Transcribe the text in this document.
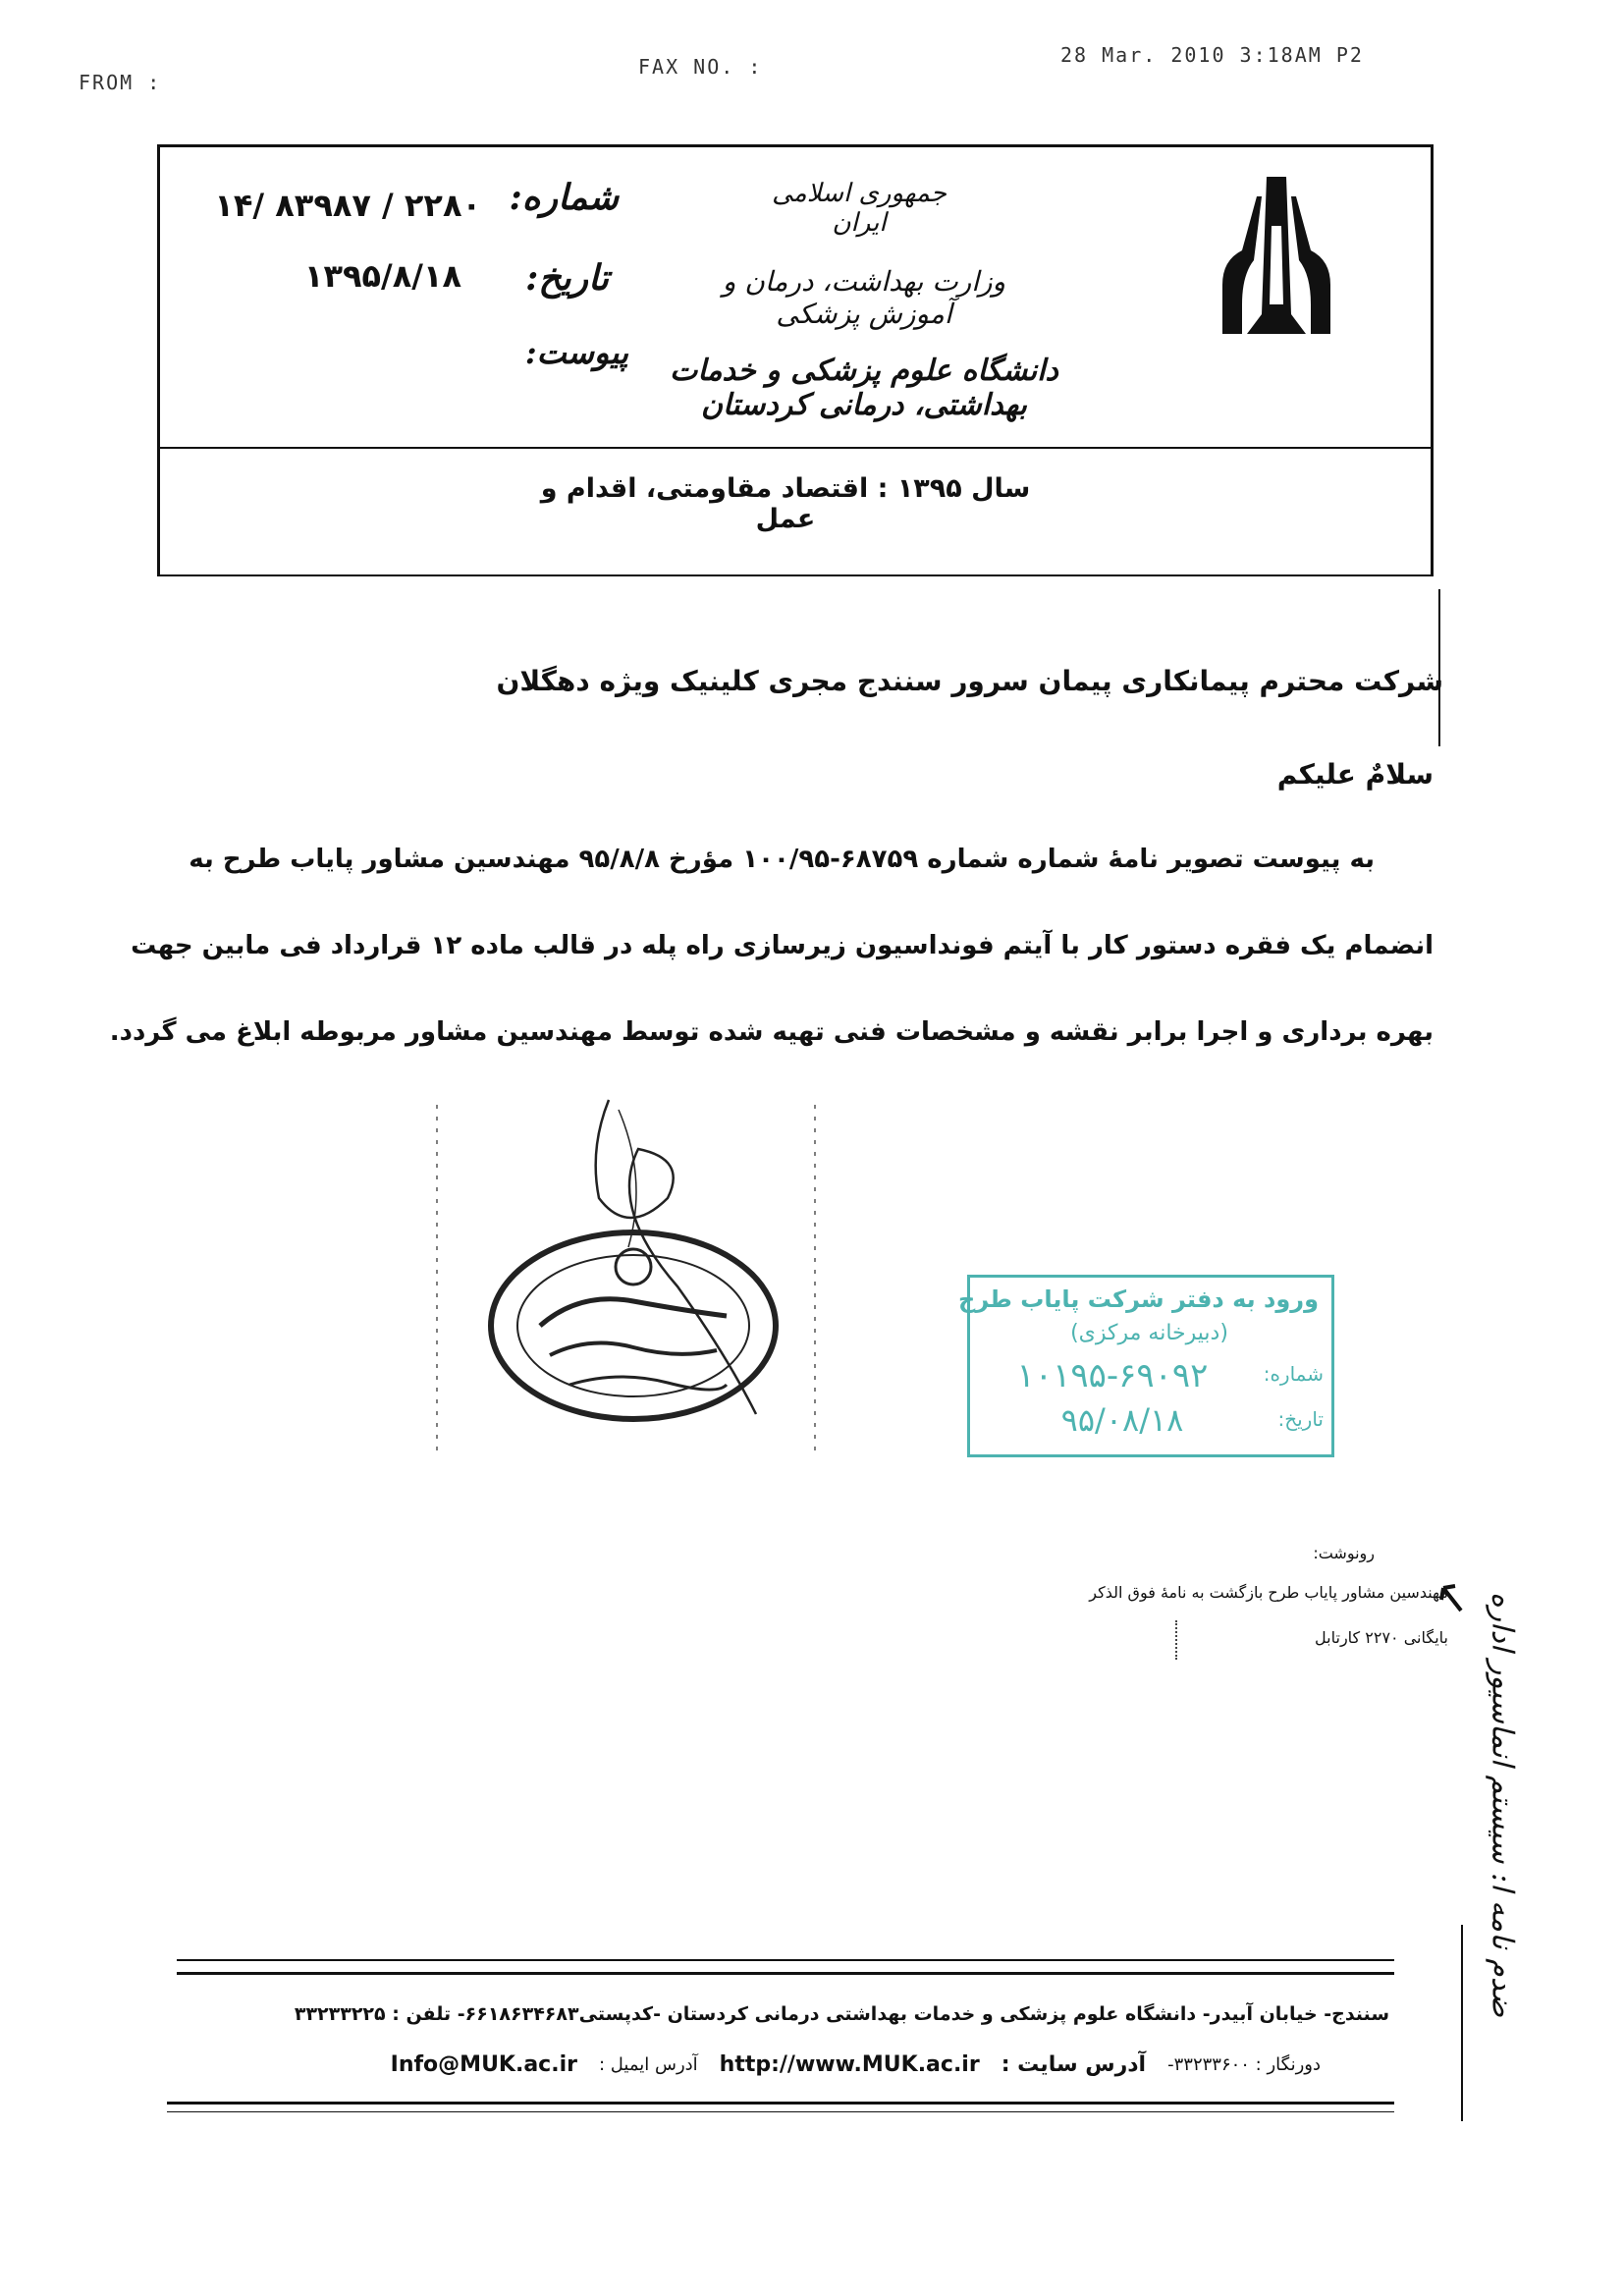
FROM :
FAX NO. :	28 Mar. 2010 3:18AM P2
جمهوری اسلامی ایران
وزارت بهداشت، درمان و آموزش پزشکی
دانشگاه علوم پزشکی و خدمات بهداشتی، درمانی کردستان
شماره:
۱۴/ ۸۳۹۸۷ / ۲۲۸۰
تاریخ:
۱۳۹۵/۸/۱۸
پیوست:
سال ۱۳۹۵ : اقتصاد مقاومتی، اقدام و عمل
شرکت محترم پیمانکاری پیمان سرور سنندج مجری کلینیک ویژه دهگلان
سلامٌ علیکم
به پیوست تصویر نامهٔ شماره شماره ۶۸۷۵۹-۱۰۰/۹۵ مؤرخ ۹۵/۸/۸ مهندسین مشاور پایاب طرح به
انضمام یک فقره دستور کار با آیتم فونداسیون زیرسازی راه پله در قالب ماده ۱۲ قرارداد فی مابین جهت
بهره برداری و اجرا برابر نقشه و مشخصات فنی تهیه شده توسط مهندسین مشاور مربوطه ابلاغ می گردد.
ورود به دفتر شرکت پایاب طرح
(دبیرخانه مرکزی)
شماره:
۱۰۱۹۵-۶۹۰۹۲
تاریخ:
۹۵/۰۸/۱۸
رونوشت:
مهندسین مشاور پایاب طرح بازگشت به نامهٔ فوق الذکر
بایگانی ۲۲۷۰ کارتابل ضدم نامه ا: سیستم انماسیور اداره
سنندج- خیابان آبیدر- دانشگاه علوم پزشکی و خدمات بهداشتی درمانی کردستان -کدپستی۶۶۱۸۶۳۴۶۸۳- تلفن : ۳۳۲۳۳۲۲۵
دورنگار : ۳۳۲۳۳۶۰۰-
آدرس سایت :
http://www.MUK.ac.ir
آدرس ایمیل :
Info@MUK.ac.ir
